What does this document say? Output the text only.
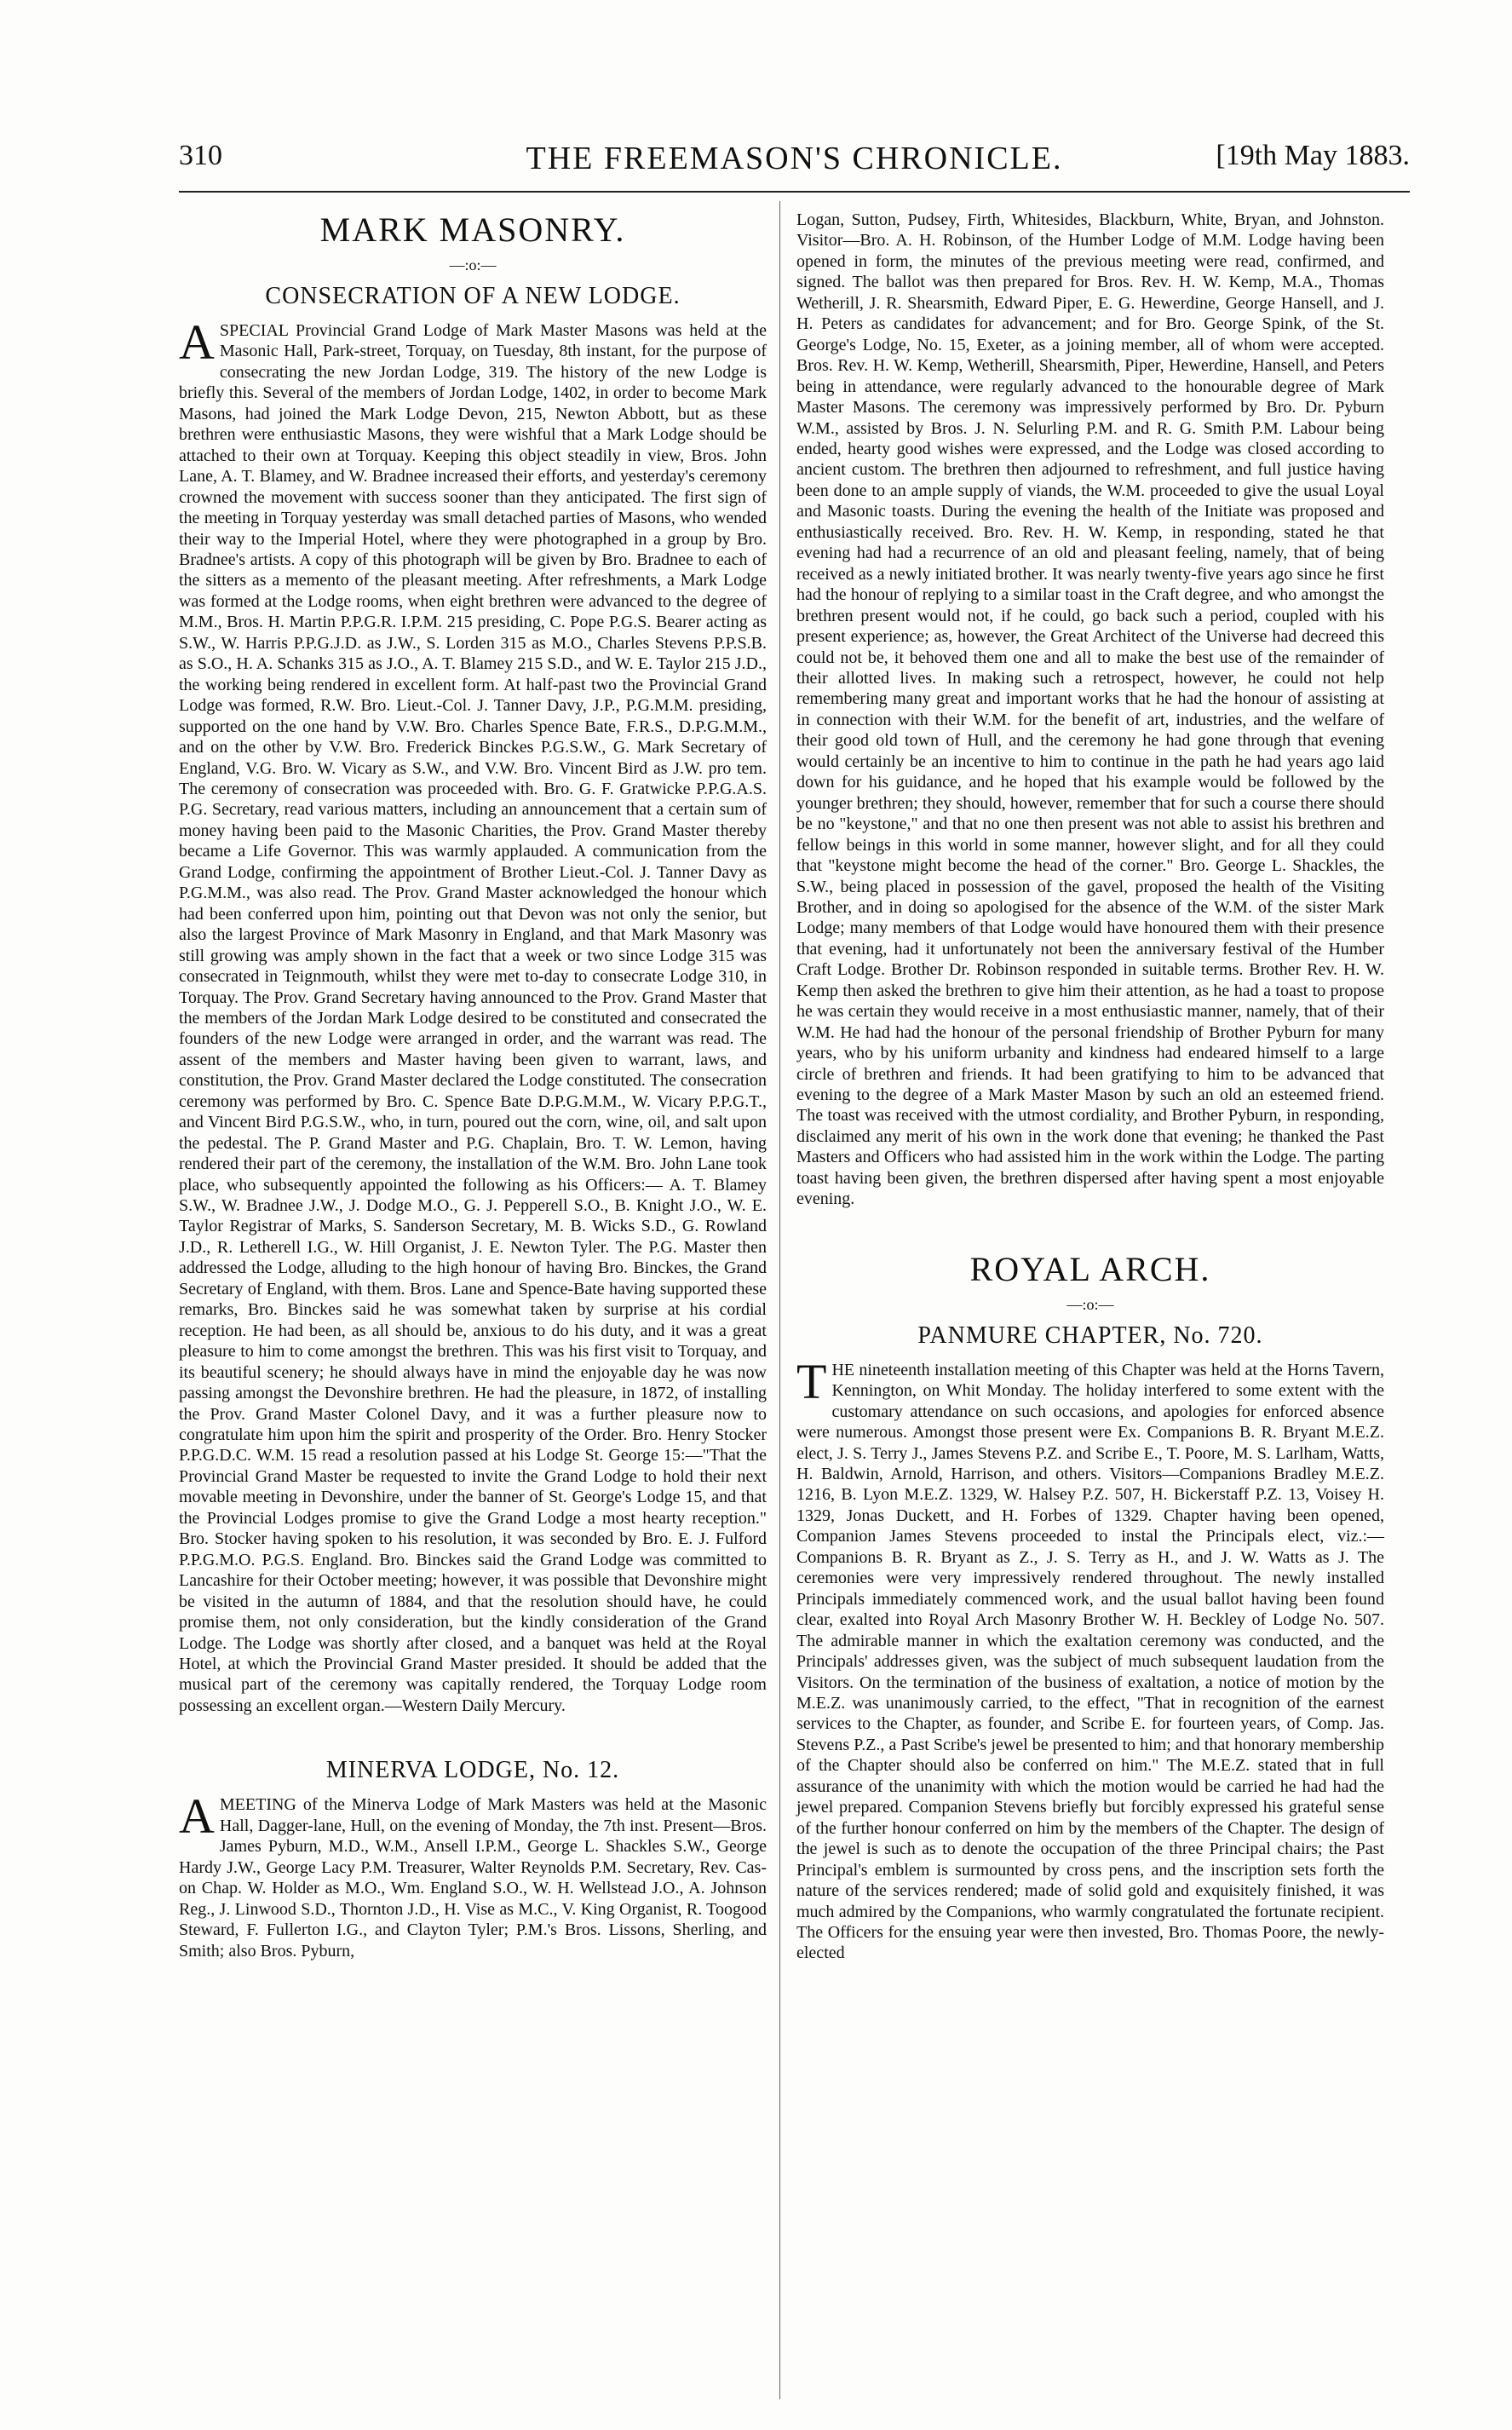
310	THE FREEMASON'S CHRONICLE.	[19th May 1883.
MARK MASONRY.
—:o:—
CONSECRATION OF A NEW LODGE.

ASPECIAL Provincial Grand Lodge of Mark Master Masons was held at the Masonic Hall, Park-street, Torquay, on Tuesday, 8th instant, for the purpose of consecrating the new Jordan Lodge, 319. The history of the new Lodge is briefly this. Several of the members of Jordan Lodge, 1402, in order to become Mark Masons, had joined the Mark Lodge Devon, 215, Newton Abbott, but as these brethren were enthusiastic Masons, they were wishful that a Mark Lodge should be attached to their own at Torquay. Keeping this object steadily in view, Bros. John Lane, A. T. Blamey, and W. Bradnee increased their efforts, and yesterday's ceremony crowned the movement with success sooner than they anticipated. The first sign of the meeting in Torquay yesterday was small detached parties of Masons, who wended their way to the Imperial Hotel, where they were photographed in a group by Bro. Bradnee's artists. A copy of this photograph will be given by Bro. Bradnee to each of the sitters as a memento of the pleasant meeting. After refreshments, a Mark Lodge was formed at the Lodge rooms, when eight brethren were advanced to the degree of M.M., Bros. H. Martin P.P.G.R. I.P.M. 215 presiding, C. Pope P.G.S. Bearer acting as S.W., W. Harris P.P.G.J.D. as J.W., S. Lorden 315 as M.O., Charles Stevens P.P.S.B. as S.O., H. A. Schanks 315 as J.O., A. T. Blamey 215 S.D., and W. E. Taylor 215 J.D., the working being rendered in excellent form. At half-past two the Provincial Grand Lodge was formed, R.W. Bro. Lieut.-Col. J. Tanner Davy, J.P., P.G.M.M. presiding, supported on the one hand by V.W. Bro. Charles Spence Bate, F.R.S., D.P.G.M.M., and on the other by V.W. Bro. Frederick Binckes P.G.S.W., G. Mark Secretary of England, V.G. Bro. W. Vicary as S.W., and V.W. Bro. Vincent Bird as J.W. pro tem. The ceremony of consecration was proceeded with. Bro. G. F. Gratwicke P.P.G.A.S. P.G. Secretary, read various matters, including an announcement that a certain sum of money having been paid to the Masonic Charities, the Prov. Grand Master thereby became a Life Governor. This was warmly applauded. A communication from the Grand Lodge, confirming the appointment of Brother Lieut.-Col. J. Tanner Davy as P.G.M.M., was also read. The Prov. Grand Master acknowledged the honour which had been conferred upon him, pointing out that Devon was not only the senior, but also the largest Province of Mark Masonry in England, and that Mark Masonry was still growing was amply shown in the fact that a week or two since Lodge 315 was consecrated in Teignmouth, whilst they were met to-day to consecrate Lodge 310, in Torquay. The Prov. Grand Secretary having announced to the Prov. Grand Master that the members of the Jordan Mark Lodge desired to be constituted and consecrated the founders of the new Lodge were arranged in order, and the warrant was read. The assent of the members and Master having been given to warrant, laws, and constitution, the Prov. Grand Master declared the Lodge constituted. The consecration ceremony was performed by Bro. C. Spence Bate D.P.G.M.M., W. Vicary P.P.G.T., and Vincent Bird P.G.S.W., who, in turn, poured out the corn, wine, oil, and salt upon the pedestal. The P. Grand Master and P.G. Chaplain, Bro. T. W. Lemon, having rendered their part of the ceremony, the installation of the W.M. Bro. John Lane took place, who subsequently appointed the following as his Officers:— A. T. Blamey S.W., W. Bradnee J.W., J. Dodge M.O., G. J. Pepperell S.O., B. Knight J.O., W. E. Taylor Registrar of Marks, S. Sanderson Secretary, M. B. Wicks S.D., G. Rowland J.D., R. Letherell I.G., W. Hill Organist, J. E. Newton Tyler. The P.G. Master then addressed the Lodge, alluding to the high honour of having Bro. Binckes, the Grand Secretary of England, with them. Bros. Lane and Spence-Bate having supported these remarks, Bro. Binckes said he was somewhat taken by surprise at his cordial reception. He had been, as all should be, anxious to do his duty, and it was a great pleasure to him to come amongst the brethren. This was his first visit to Torquay, and its beautiful scenery; he should always have in mind the enjoyable day he was now passing amongst the Devonshire brethren. He had the pleasure, in 1872, of installing the Prov. Grand Master Colonel Davy, and it was a further pleasure now to congratulate him upon him the spirit and prosperity of the Order. Bro. Henry Stocker P.P.G.D.C. W.M. 15 read a resolution passed at his Lodge St. George 15:—"That the Provincial Grand Master be requested to invite the Grand Lodge to hold their next movable meeting in Devonshire, under the banner of St. George's Lodge 15, and that the Provincial Lodges promise to give the Grand Lodge a most hearty reception." Bro. Stocker having spoken to his resolution, it was seconded by Bro. E. J. Fulford P.P.G.M.O. P.G.S. England. Bro. Binckes said the Grand Lodge was committed to Lancashire for their October meeting; however, it was possible that Devonshire might be visited in the autumn of 1884, and that the resolution should have, he could promise them, not only consideration, but the kindly consideration of the Grand Lodge. The Lodge was shortly after closed, and a banquet was held at the Royal Hotel, at which the Provincial Grand Master presided. It should be added that the musical part of the ceremony was capitally rendered, the Torquay Lodge room possessing an excellent organ.—Western Daily Mercury.

MINERVA LODGE, No. 12.

AMEETING of the Minerva Lodge of Mark Masters was held at the Masonic Hall, Dagger-lane, Hull, on the evening of Monday, the 7th inst. Present—Bros. James Pyburn, M.D., W.M., Ansell I.P.M., George L. Shackles S.W., George Hardy J.W., George Lacy P.M. Treasurer, Walter Reynolds P.M. Secretary, Rev. Cas-on Chap. W. Holder as M.O., Wm. England S.O., W. H. Wellstead J.O., A. Johnson Reg., J. Linwood S.D., Thornton J.D., H. Vise as M.C., V. King Organist, R. Toogood Steward, F. Fullerton I.G., and Clayton Tyler; P.M.'s Bros. Lissons, Sherling, and Smith; also Bros. Pyburn,

Logan, Sutton, Pudsey, Firth, Whitesides, Blackburn, White, Bryan, and Johnston. Visitor—Bro. A. H. Robinson, of the Humber Lodge of M.M. Lodge having been opened in form, the minutes of the previous meeting were read, confirmed, and signed. The ballot was then prepared for Bros. Rev. H. W. Kemp, M.A., Thomas Wetherill, J. R. Shearsmith, Edward Piper, E. G. Hewerdine, George Hansell, and J. H. Peters as candidates for advancement; and for Bro. George Spink, of the St. George's Lodge, No. 15, Exeter, as a joining member, all of whom were accepted. Bros. Rev. H. W. Kemp, Wetherill, Shearsmith, Piper, Hewerdine, Hansell, and Peters being in attendance, were regularly advanced to the honourable degree of Mark Master Masons. The ceremony was impressively performed by Bro. Dr. Pyburn W.M., assisted by Bros. J. N. Selurling P.M. and R. G. Smith P.M. Labour being ended, hearty good wishes were expressed, and the Lodge was closed according to ancient custom. The brethren then adjourned to refreshment, and full justice having been done to an ample supply of viands, the W.M. proceeded to give the usual Loyal and Masonic toasts. During the evening the health of the Initiate was proposed and enthusiastically received. Bro. Rev. H. W. Kemp, in responding, stated he that evening had had a recurrence of an old and pleasant feeling, namely, that of being received as a newly initiated brother. It was nearly twenty-five years ago since he first had the honour of replying to a similar toast in the Craft degree, and who amongst the brethren present would not, if he could, go back such a period, coupled with his present experience; as, however, the Great Architect of the Universe had decreed this could not be, it behoved them one and all to make the best use of the remainder of their allotted lives. In making such a retrospect, however, he could not help remembering many great and important works that he had the honour of assisting at in connection with their W.M. for the benefit of art, industries, and the welfare of their good old town of Hull, and the ceremony he had gone through that evening would certainly be an incentive to him to continue in the path he had years ago laid down for his guidance, and he hoped that his example would be followed by the younger brethren; they should, however, remember that for such a course there should be no "keystone," and that no one then present was not able to assist his brethren and fellow beings in this world in some manner, however slight, and for all they could that "keystone might become the head of the corner." Bro. George L. Shackles, the S.W., being placed in possession of the gavel, proposed the health of the Visiting Brother, and in doing so apologised for the absence of the W.M. of the sister Mark Lodge; many members of that Lodge would have honoured them with their presence that evening, had it unfortunately not been the anniversary festival of the Humber Craft Lodge. Brother Dr. Robinson responded in suitable terms. Brother Rev. H. W. Kemp then asked the brethren to give him their attention, as he had a toast to propose he was certain they would receive in a most enthusiastic manner, namely, that of their W.M. He had had the honour of the personal friendship of Brother Pyburn for many years, who by his uniform urbanity and kindness had endeared himself to a large circle of brethren and friends. It had been gratifying to him to be advanced that evening to the degree of a Mark Master Mason by such an old an esteemed friend. The toast was received with the utmost cordiality, and Brother Pyburn, in responding, disclaimed any merit of his own in the work done that evening; he thanked the Past Masters and Officers who had assisted him in the work within the Lodge. The parting toast having been given, the brethren dispersed after having spent a most enjoyable evening.

ROYAL ARCH.
—:o:—
PANMURE CHAPTER, No. 720.

THE nineteenth installation meeting of this Chapter was held at the Horns Tavern, Kennington, on Whit Monday. The holiday interfered to some extent with the customary attendance on such occasions, and apologies for enforced absence were numerous. Amongst those present were Ex. Companions B. R. Bryant M.E.Z. elect, J. S. Terry J., James Stevens P.Z. and Scribe E., T. Poore, M. S. Larlham, Watts, H. Baldwin, Arnold, Harrison, and others. Visitors—Companions Bradley M.E.Z. 1216, B. Lyon M.E.Z. 1329, W. Halsey P.Z. 507, H. Bickerstaff P.Z. 13, Voisey H. 1329, Jonas Duckett, and H. Forbes of 1329. Chapter having been opened, Companion James Stevens proceeded to instal the Principals elect, viz.:—Companions B. R. Bryant as Z., J. S. Terry as H., and J. W. Watts as J. The ceremonies were very impressively rendered throughout. The newly installed Principals immediately commenced work, and the usual ballot having been found clear, exalted into Royal Arch Masonry Brother W. H. Beckley of Lodge No. 507. The admirable manner in which the exaltation ceremony was conducted, and the Principals' addresses given, was the subject of much subsequent laudation from the Visitors. On the termination of the business of exaltation, a notice of motion by the M.E.Z. was unanimously carried, to the effect, "That in recognition of the earnest services to the Chapter, as founder, and Scribe E. for fourteen years, of Comp. Jas. Stevens P.Z., a Past Scribe's jewel be presented to him; and that honorary membership of the Chapter should also be conferred on him." The M.E.Z. stated that in full assurance of the unanimity with which the motion would be carried he had had the jewel prepared. Companion Stevens briefly but forcibly expressed his grateful sense of the further honour conferred on him by the members of the Chapter. The design of the jewel is such as to denote the occupation of the three Principal chairs; the Past Principal's emblem is surmounted by cross pens, and the inscription sets forth the nature of the services rendered; made of solid gold and exquisitely finished, it was much admired by the Companions, who warmly congratulated the fortunate recipient. The Officers for the ensuing year were then invested, Bro. Thomas Poore, the newly-elected
